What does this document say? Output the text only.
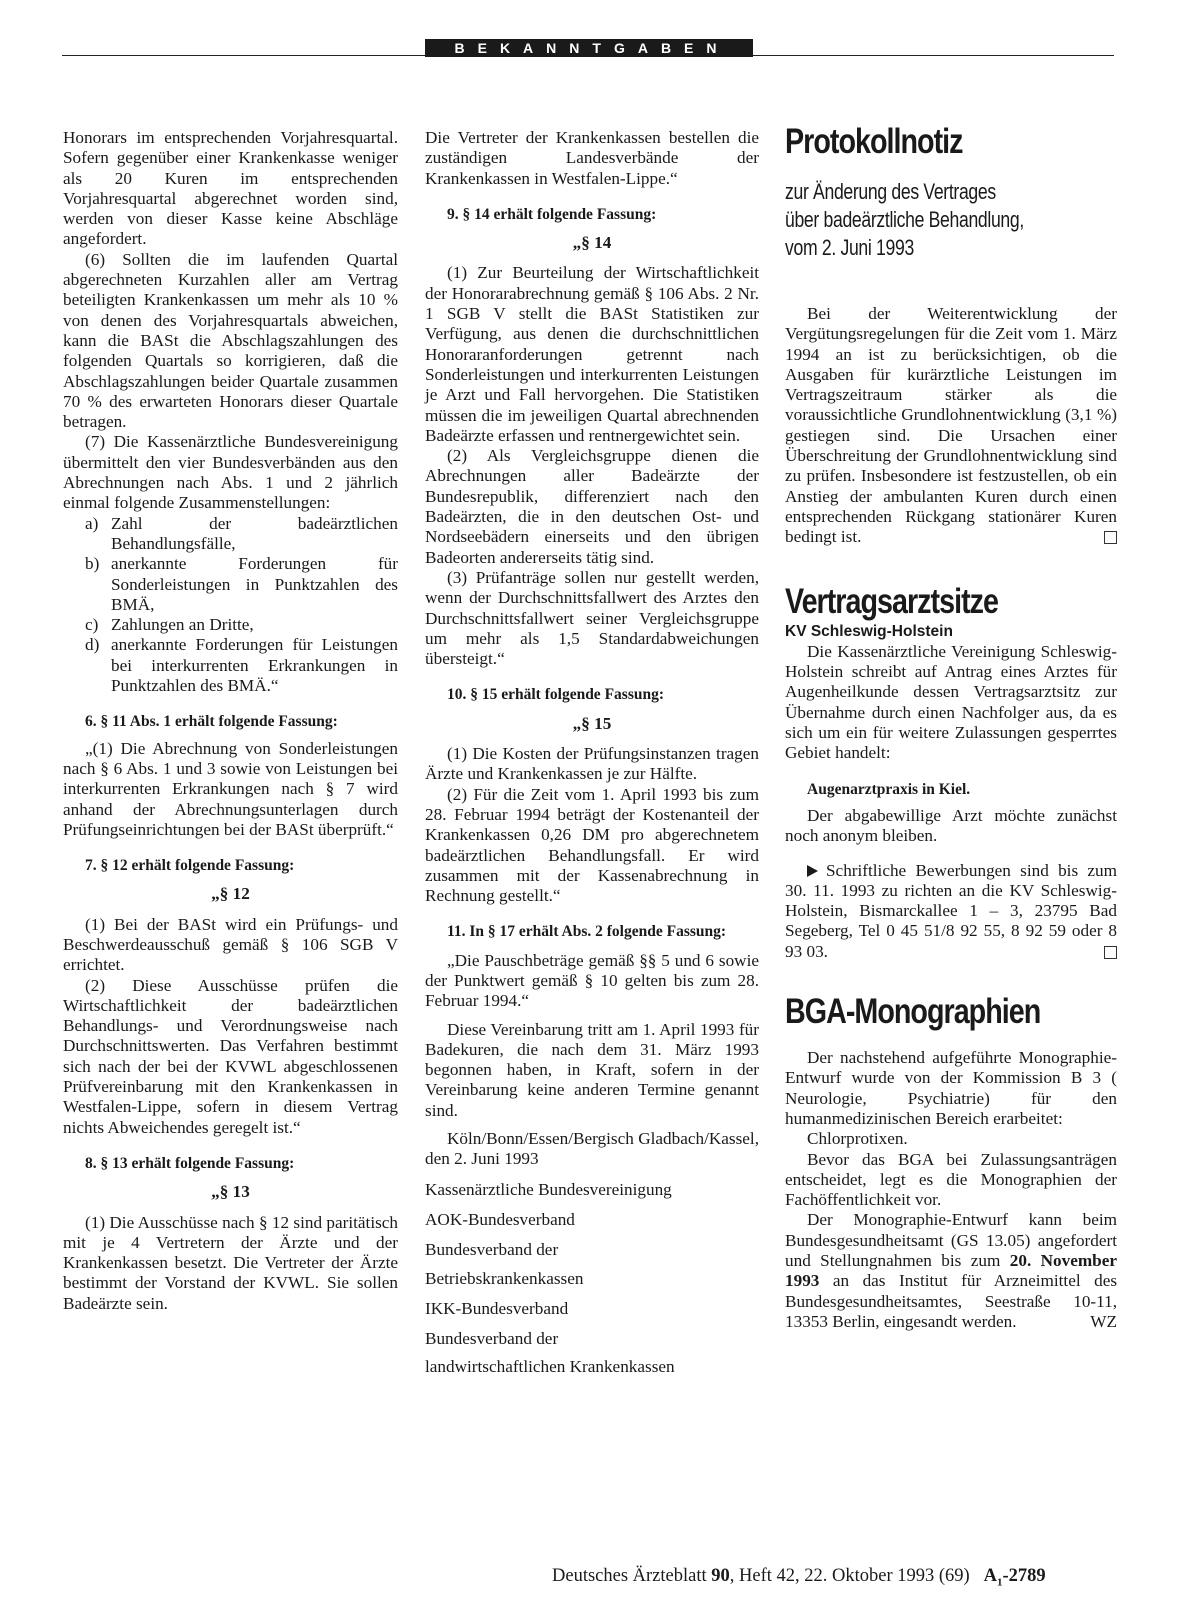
BEKANNTGABEN

Honorars im entsprechenden Vorjahresquartal. Sofern gegenüber einer Krankenkasse weniger als 20 Kuren im entsprechenden Vorjahresquartal abgerechnet worden sind, werden von dieser Kasse keine Abschläge angefordert.

(6) Sollten die im laufenden Quartal abgerechneten Kurzahlen aller am Vertrag beteiligten Krankenkassen um mehr als 10 % von denen des Vorjahresquartals abweichen, kann die BASt die Abschlagszahlungen des folgenden Quartals so korrigieren, daß die Abschlagszahlungen beider Quartale zusammen 70 % des erwarteten Honorars dieser Quartale betragen.

(7) Die Kassenärztliche Bundesvereinigung übermittelt den vier Bundesverbänden aus den Abrechnungen nach Abs. 1 und 2 jährlich einmal folgende Zusammenstellungen:

a) Zahl der badeärztlichen Behandlungsfälle,
b) anerkannte Forderungen für Sonderleistungen in Punktzahlen des BMÄ,
c) Zahlungen an Dritte,
d) anerkannte Forderungen für Leistungen bei interkurrenten Erkrankungen in Punktzahlen des BMÄ.“

6. § 11 Abs. 1 erhält folgende Fassung:

„(1) Die Abrechnung von Sonderleistungen nach § 6 Abs. 1 und 3 sowie von Leistungen bei interkurrenten Erkrankungen nach § 7 wird anhand der Abrechnungsunterlagen durch Prüfungseinrichtungen bei der BASt überprüft.“

7. § 12 erhält folgende Fassung:

„§ 12

(1) Bei der BASt wird ein Prüfungs- und Beschwerdeausschuß gemäß § 106 SGB V errichtet.

(2) Diese Ausschüsse prüfen die Wirtschaftlichkeit der badeärztlichen Behandlungs- und Verordnungsweise nach Durchschnittswerten. Das Verfahren bestimmt sich nach der bei der KVWL abgeschlossenen Prüfvereinbarung mit den Krankenkassen in Westfalen-Lippe, sofern in diesem Vertrag nichts Abweichendes geregelt ist.“

8. § 13 erhält folgende Fassung:

„§ 13

(1) Die Ausschüsse nach § 12 sind paritätisch mit je 4 Vertretern der Ärzte und der Krankenkassen besetzt. Die Vertreter der Ärzte bestimmt der Vorstand der KVWL. Sie sollen Badeärzte sein.

Die Vertreter der Krankenkassen bestellen die zuständigen Landesverbände der Krankenkassen in Westfalen-Lippe.“

9. § 14 erhält folgende Fassung:

„§ 14

(1) Zur Beurteilung der Wirtschaftlichkeit der Honorarabrechnung gemäß § 106 Abs. 2 Nr. 1 SGB V stellt die BASt Statistiken zur Verfügung, aus denen die durchschnittlichen Honoraranforderungen getrennt nach Sonderleistungen und interkurrenten Leistungen je Arzt und Fall hervorgehen. Die Statistiken müssen die im jeweiligen Quartal abrechnenden Badeärzte erfassen und rentnergewichtet sein.

(2) Als Vergleichsgruppe dienen die Abrechnungen aller Badeärzte der Bundesrepublik, differenziert nach den Badeärzten, die in den deutschen Ost- und Nordseebädern einerseits und den übrigen Badeorten andererseits tätig sind.

(3) Prüfanträge sollen nur gestellt werden, wenn der Durchschnittsfallwert des Arztes den Durchschnittsfallwert seiner Vergleichsgruppe um mehr als 1,5 Standardabweichungen übersteigt.“

10. § 15 erhält folgende Fassung:

„§ 15

(1) Die Kosten der Prüfungsinstanzen tragen Ärzte und Krankenkassen je zur Hälfte.

(2) Für die Zeit vom 1. April 1993 bis zum 28. Februar 1994 beträgt der Kostenanteil der Krankenkassen 0,26 DM pro abgerechnetem badeärztlichen Behandlungsfall. Er wird zusammen mit der Kassenabrechnung in Rechnung gestellt.“

11. In § 17 erhält Abs. 2 folgende Fassung:

„Die Pauschbeträge gemäß §§ 5 und 6 sowie der Punktwert gemäß § 10 gelten bis zum 28. Februar 1994.“

Diese Vereinbarung tritt am 1. April 1993 für Badekuren, die nach dem 31. März 1993 begonnen haben, in Kraft, sofern in der Vereinbarung keine anderen Termine genannt sind.

Köln/Bonn/Essen/Bergisch Gladbach/Kassel, den 2. Juni 1993

Kassenärztliche Bundesvereinigung

AOK-Bundesverband

Bundesverband der

Betriebskrankenkassen

IKK-Bundesverband

Bundesverband der

landwirtschaftlichen Krankenkassen

Protokollnotiz
zur Änderung des Vertrages
über badeärztliche Behandlung,
vom 2. Juni 1993

Bei der Weiterentwicklung der Vergütungsregelungen für die Zeit vom 1. März 1994 an ist zu berücksichtigen, ob die Ausgaben für kurärztliche Leistungen im Vertragszeitraum stärker als die voraussichtliche Grundlohnentwicklung (3,1 %) gestiegen sind. Die Ursachen einer Überschreitung der Grundlohnentwicklung sind zu prüfen. Insbesondere ist festzustellen, ob ein Anstieg der ambulanten Kuren durch einen entsprechenden Rückgang stationärer Kuren bedingt ist.

Vertragsarztsitze

KV Schleswig-Holstein

Die Kassenärztliche Vereinigung Schleswig-Holstein schreibt auf Antrag eines Arztes für Augenheilkunde dessen Vertragsarztsitz zur Übernahme durch einen Nachfolger aus, da es sich um ein für weitere Zulassungen gesperrtes Gebiet handelt:

Augenarztpraxis in Kiel.

Der abgabewillige Arzt möchte zunächst noch anonym bleiben.

Schriftliche Bewerbungen sind bis zum 30. 11. 1993 zu richten an die KV Schleswig-Holstein, Bismarckallee 1 – 3, 23795 Bad Segeberg, Tel 0 45 51/8 92 55, 8 92 59 oder 8 93 03.

BGA-Monographien

Der nachstehend aufgeführte Monographie-Entwurf wurde von der Kommission B 3 ( Neurologie, Psychiatrie) für den humanmedizinischen Bereich erarbeitet:

Chlorprotixen.

Bevor das BGA bei Zulassungsanträgen entscheidet, legt es die Monographien der Fachöffentlichkeit vor.

Der Monographie-Entwurf kann beim Bundesgesundheitsamt (GS 13.05) angefordert und Stellungnahmen bis zum 20. November 1993 an das Institut für Arzneimittel des Bundesgesundheitsamtes, Seestraße 10-11, 13353 Berlin, eingesandt werden.	WZ

Deutsches Ärzteblatt 90, Heft 42, 22. Oktober 1993 (69) $A_1-2789$
